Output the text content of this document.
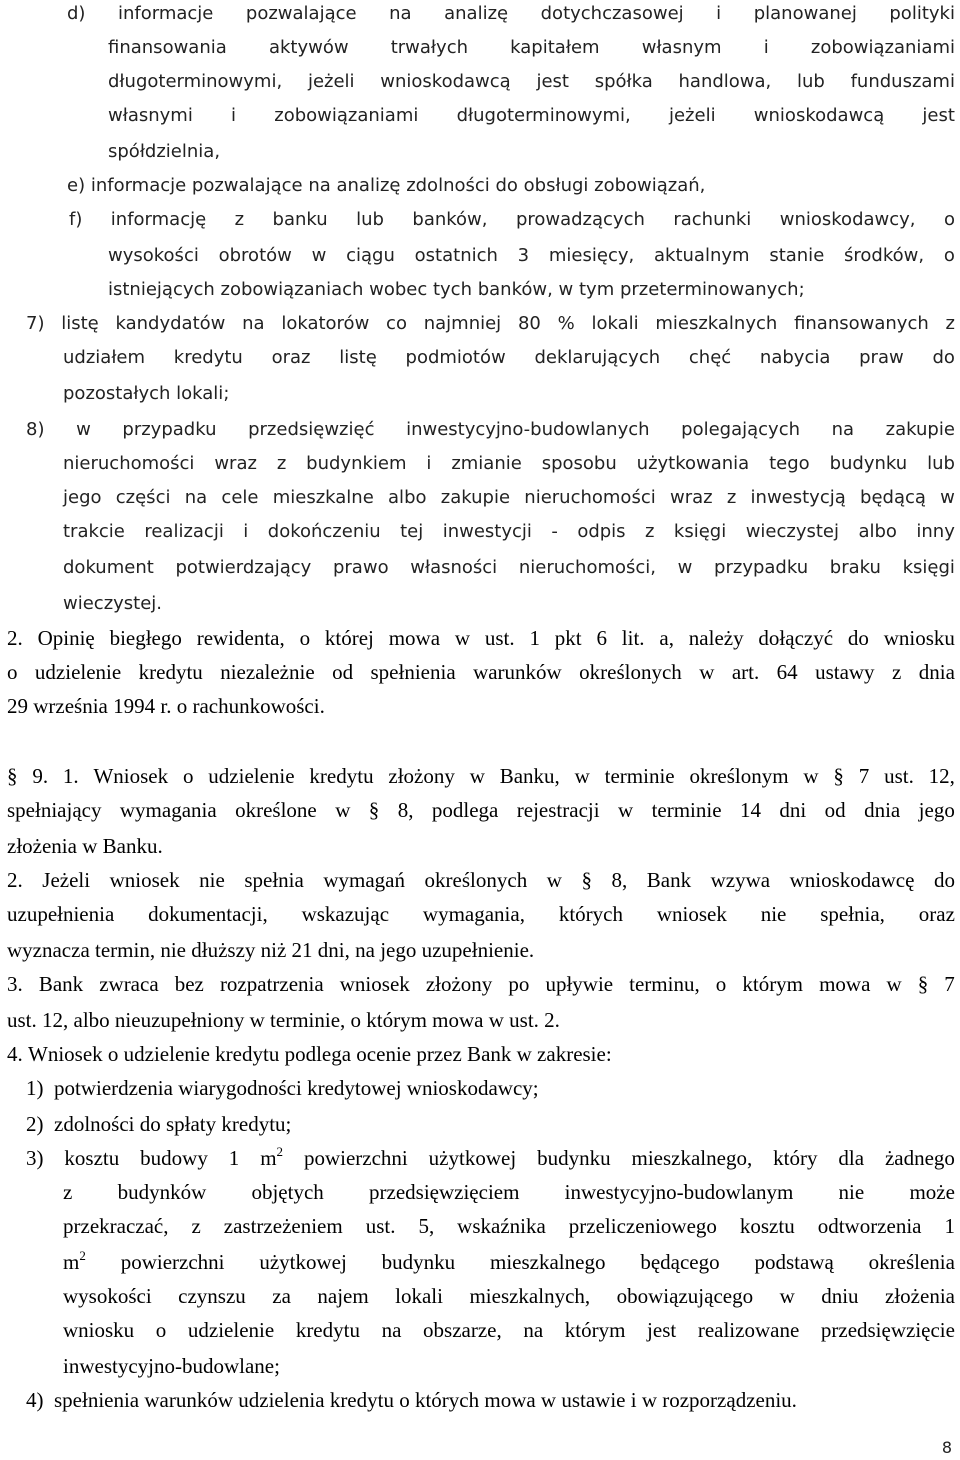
d) informacje pozwalające na analizę dotychczasowej i planowanej polityki
finansowania aktywów trwałych kapitałem własnym i zobowiązaniami
długoterminowymi, jeżeli wnioskodawcą jest spółka handlowa, lub funduszami
własnymi i zobowiązaniami długoterminowymi, jeżeli wnioskodawcą jest
spółdzielnia,
e) informacje pozwalające na analizę zdolności do obsługi zobowiązań,
f) informację z banku lub banków, prowadzących rachunki wnioskodawcy, o
wysokości obrotów w ciągu ostatnich 3 miesięcy, aktualnym stanie środków, o
istniejących zobowiązaniach wobec tych banków, w tym przeterminowanych;
7) listę kandydatów na lokatorów co najmniej 80 % lokali mieszkalnych finansowanych z
udziałem kredytu oraz listę podmiotów deklarujących chęć nabycia praw do
pozostałych lokali;
8) w przypadku przedsięwzięć inwestycyjno-budowlanych polegających na zakupie
nieruchomości wraz z budynkiem i zmianie sposobu użytkowania tego budynku lub
jego części na cele mieszkalne albo zakupie nieruchomości wraz z inwestycją będącą w
trakcie realizacji i dokończeniu tej inwestycji - odpis z księgi wieczystej albo inny
dokument potwierdzający prawo własności nieruchomości, w przypadku braku księgi
wieczystej.
2. Opinię biegłego rewidenta, o której mowa w ust. 1 pkt 6 lit. a, należy dołączyć do wniosku
o udzielenie kredytu niezależnie od spełnienia warunków określonych w art. 64 ustawy z dnia
29 września 1994 r. o rachunkowości.
§ 9. 1. Wniosek o udzielenie kredytu złożony w Banku, w terminie określonym w § 7 ust. 12,
spełniający wymagania określone w § 8, podlega rejestracji w terminie 14 dni od dnia jego
złożenia w Banku.
2. Jeżeli wniosek nie spełnia wymagań określonych w § 8, Bank wzywa wnioskodawcę do
uzupełnienia dokumentacji, wskazując wymagania, których wniosek nie spełnia, oraz
wyznacza termin, nie dłuższy niż 21 dni, na jego uzupełnienie.
3. Bank zwraca bez rozpatrzenia wniosek złożony po upływie terminu, o którym mowa w § 7
ust. 12, albo nieuzupełniony w terminie, o którym mowa w ust. 2.
4. Wniosek o udzielenie kredytu podlega ocenie przez Bank w zakresie:
1)  potwierdzenia wiarygodności kredytowej wnioskodawcy;
2)  zdolności do spłaty kredytu;
3) kosztu budowy 1 $m^2$ powierzchni użytkowej budynku mieszkalnego, który dla żadnego
z budynków objętych przedsięwzięciem inwestycyjno-budowlanym nie może
przekraczać, z zastrzeżeniem ust. 5, wskaźnika przeliczeniowego kosztu odtworzenia 1
$m^2$ powierzchni użytkowej budynku mieszkalnego będącego podstawą określenia
wysokości czynszu za najem lokali mieszkalnych, obowiązującego w dniu złożenia
wniosku o udzielenie kredytu na obszarze, na którym jest realizowane przedsięwzięcie
inwestycyjno-budowlane;
4)  spełnienia warunków udzielenia kredytu o których mowa w ustawie i w rozporządzeniu.
8
